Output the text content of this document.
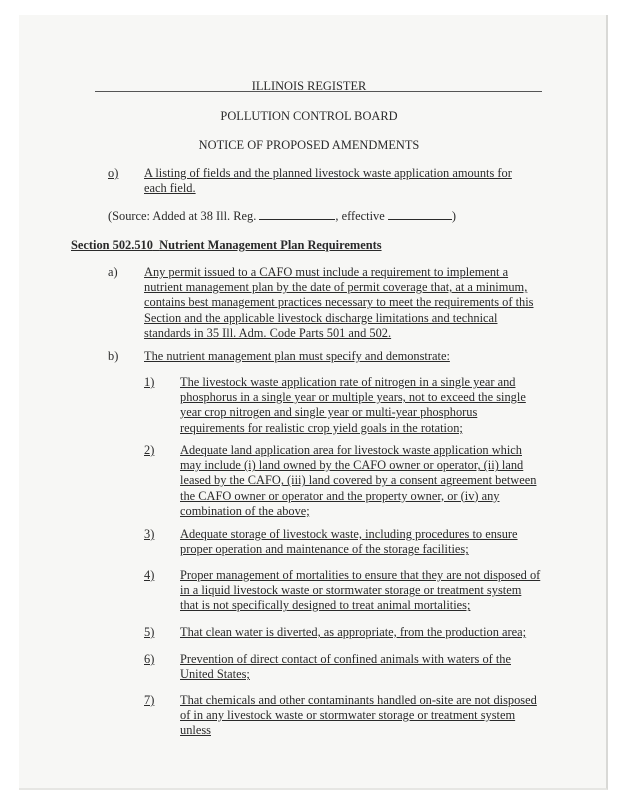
ILLINOIS REGISTER
POLLUTION CONTROL BOARD
NOTICE OF PROPOSED AMENDMENTS
o) A listing of fields and the planned livestock waste application amounts for each field.
(Source: Added at 38 Ill. Reg.	, effective	)
Section 502.510 Nutrient Management Plan Requirements
a) Any permit issued to a CAFO must include a requirement to implement a nutrient management plan by the date of permit coverage that, at a minimum, contains best management practices necessary to meet the requirements of this Section and the applicable livestock discharge limitations and technical standards in 35 Ill. Adm. Code Parts 501 and 502.
b) The nutrient management plan must specify and demonstrate:
1) The livestock waste application rate of nitrogen in a single year and phosphorus in a single year or multiple years, not to exceed the single year crop nitrogen and single year or multi-year phosphorus requirements for realistic crop yield goals in the rotation;
2) Adequate land application area for livestock waste application which may include (i) land owned by the CAFO owner or operator, (ii) land leased by the CAFO, (iii) land covered by a consent agreement between the CAFO owner or operator and the property owner, or (iv) any combination of the above;
3) Adequate storage of livestock waste, including procedures to ensure proper operation and maintenance of the storage facilities;
4) Proper management of mortalities to ensure that they are not disposed of in a liquid livestock waste or stormwater storage or treatment system that is not specifically designed to treat animal mortalities;
5) That clean water is diverted, as appropriate, from the production area;
6) Prevention of direct contact of confined animals with waters of the United States;
7) That chemicals and other contaminants handled on-site are not disposed of in any livestock waste or stormwater storage or treatment system unless
